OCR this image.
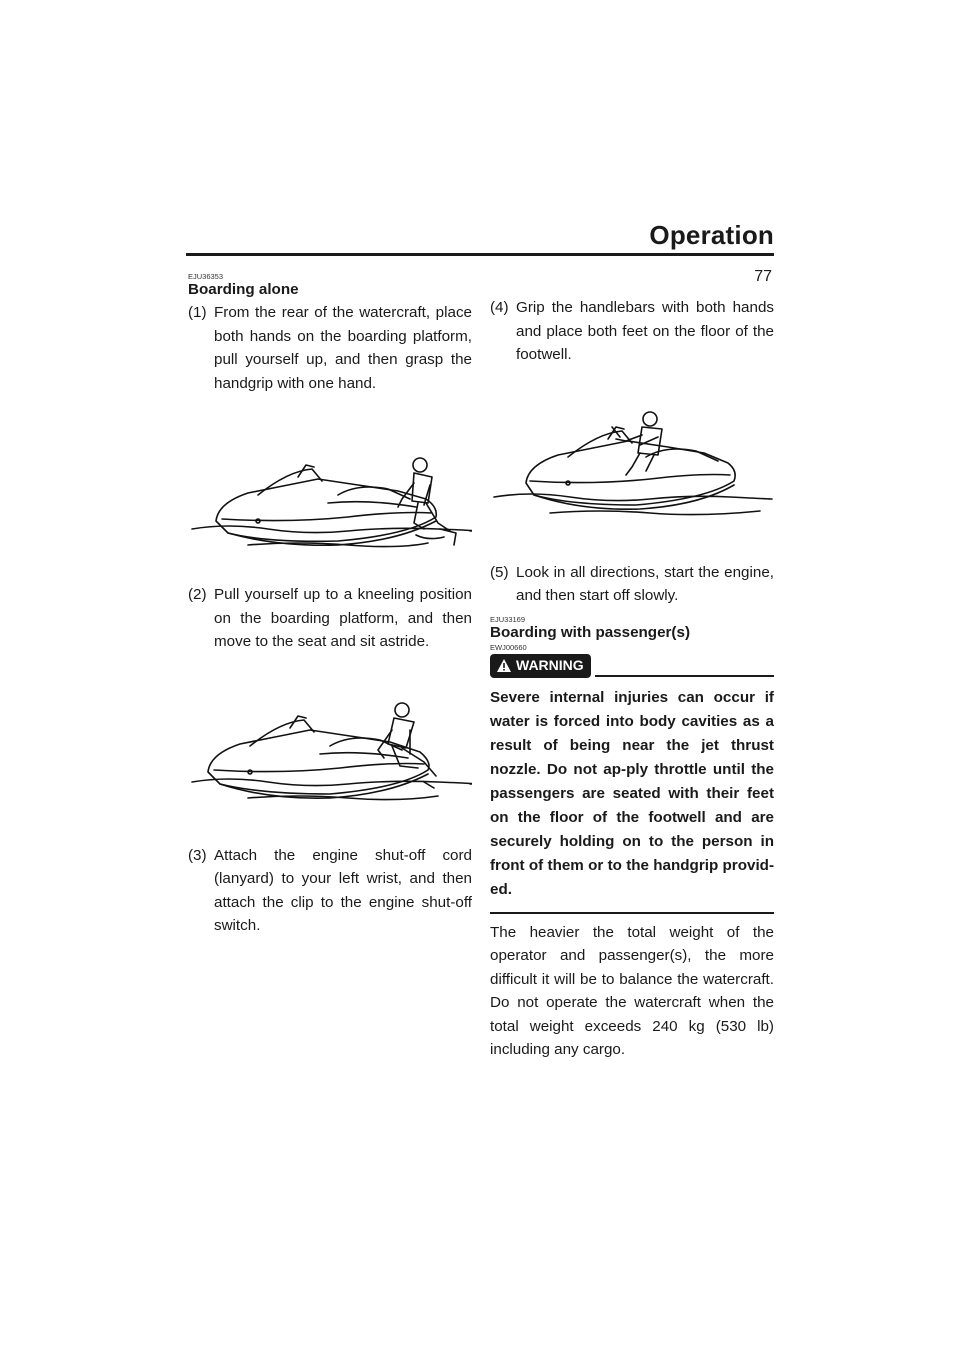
Operation
77
EJU36353
Boarding alone
(1) From the rear of the watercraft, place both hands on the boarding platform, pull yourself up, and then grasp the handgrip with one hand.
(2) Pull yourself up to a kneeling position on the boarding platform, and then move to the seat and sit astride.
(3) Attach the engine shut-off cord (lanyard) to your left wrist, and then attach the clip to the engine shut-off switch.
(4) Grip the handlebars with both hands and place both feet on the floor of the footwell.
(5) Look in all directions, start the engine, and then start off slowly.
EJU33169
Boarding with passenger(s)
EWJ00660
WARNING
Severe internal injuries can occur if water is forced into body cavities as a result of being near the jet thrust nozzle. Do not ap-ply throttle until the passengers are seated with their feet on the floor of the footwell and are securely holding on to the person in front of them or to the handgrip provid-ed.
The heavier the total weight of the operator and passenger(s), the more difficult it will be to balance the watercraft. Do not operate the watercraft when the total weight exceeds 240 kg (530 lb) including any cargo.
